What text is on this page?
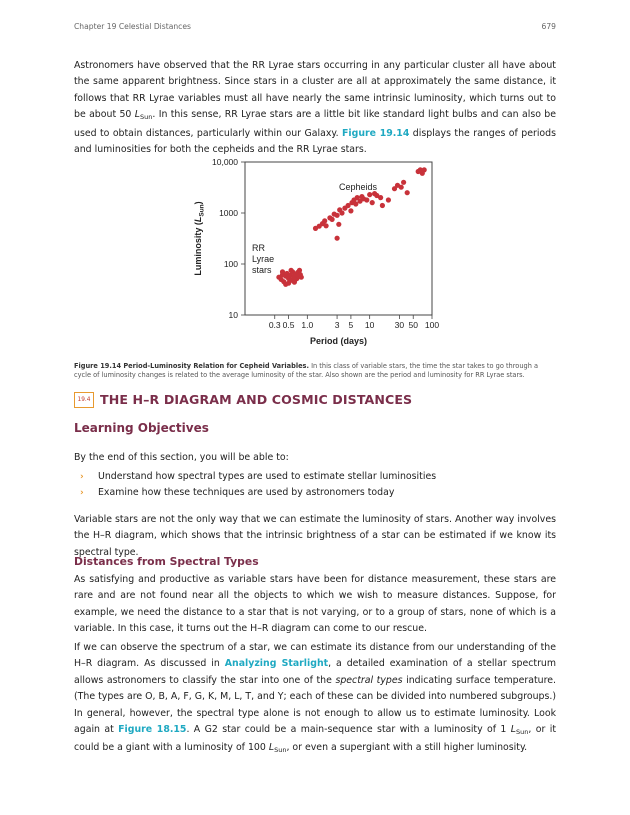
Chapter 19 Celestial Distances	679

Astronomers have observed that the RR Lyrae stars occurring in any particular cluster all have about the same apparent brightness. Since stars in a cluster are all at approximately the same distance, it follows that RR Lyrae variables must all have nearly the same intrinsic luminosity, which turns out to be about 50 $L_{Sun}$. In this sense, RR Lyrae stars are a little bit like standard light bulbs and can also be used to obtain distances, particularly within our Galaxy. Figure 19.14 displays the ranges of periods and luminosities for both the cepheids and the RR Lyrae stars.

0.3 0.5 1.0	3 5 10 30 50 100
10
100
1000
10,000
Period (days)
Luminosity $(L_{Sun})$
Cepheids
RR
Lyrae
stars

Figure 19.14 Period-Luminosity Relation for Cepheid Variables. In this class of variable stars, the time the star takes to go through a cycle of luminosity changes is related to the average luminosity of the star. Also shown are the period and luminosity for RR Lyrae stars.

19.4 THE H–R DIAGRAM AND COSMIC DISTANCES
Learning Objectives

By the end of this section, you will be able to:

› Understand how spectral types are used to estimate stellar luminosities
› Examine how these techniques are used by astronomers today

Variable stars are not the only way that we can estimate the luminosity of stars. Another way involves the H–R diagram, which shows that the intrinsic brightness of a star can be estimated if we know its spectral type.

Distances from Spectral Types

As satisfying and productive as variable stars have been for distance measurement, these stars are rare and are not found near all the objects to which we wish to measure distances. Suppose, for example, we need the distance to a star that is not varying, or to a group of stars, none of which is a variable. In this case, it turns out the H–R diagram can come to our rescue.

If we can observe the spectrum of a star, we can estimate its distance from our understanding of the H–R diagram. As discussed in Analyzing Starlight, a detailed examination of a stellar spectrum allows astronomers to classify the star into one of the spectral types indicating surface temperature. (The types are O, B, A, F, G, K, M, L, T, and Y; each of these can be divided into numbered subgroups.) In general, however, the spectral type alone is not enough to allow us to estimate luminosity. Look again at Figure 18.15. A G2 star could be a main-sequence star with a luminosity of 1 $L_{Sun}$, or it could be a giant with a luminosity of 100 $L_{Sun}$, or even a supergiant with a still higher luminosity.
